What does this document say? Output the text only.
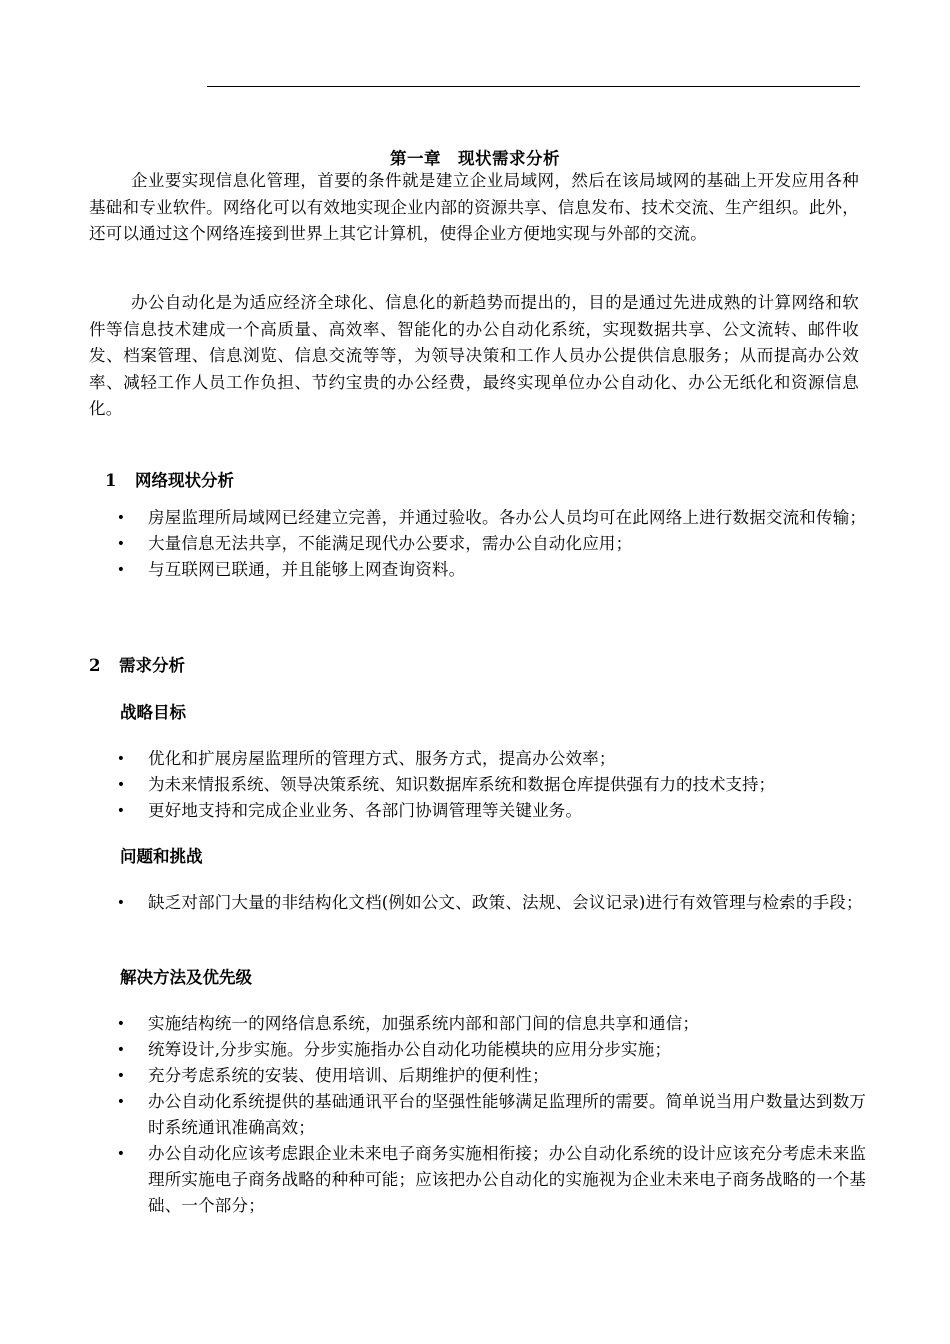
第一章　现状需求分析

企业要实现信息化管理，首要的条件就是建立企业局域网，然后在该局域网的基础上开发应用各种基础和专业软件。网络化可以有效地实现企业内部的资源共享、信息发布、技术交流、生产组织。此外，还可以通过这个网络连接到世界上其它计算机，使得企业方便地实现与外部的交流。

办公自动化是为适应经济全球化、信息化的新趋势而提出的，目的是通过先进成熟的计算网络和软件等信息技术建成一个高质量、高效率、智能化的办公自动化系统，实现数据共享、公文流转、邮件收发、档案管理、信息浏览、信息交流等等，为领导决策和工作人员办公提供信息服务；从而提高办公效率、减轻工作人员工作负担、节约宝贵的办公经费，最终实现单位办公自动化、办公无纸化和资源信息化。

1 网络现状分析
• 房屋监理所局域网已经建立完善，并通过验收。各办公人员均可在此网络上进行数据交流和传输；
• 大量信息无法共享，不能满足现代办公要求，需办公自动化应用；
• 与互联网已联通，并且能够上网查询资料。
2 需求分析
战略目标
• 优化和扩展房屋监理所的管理方式、服务方式，提高办公效率；
• 为未来情报系统、领导决策系统、知识数据库系统和数据仓库提供强有力的技术支持；
• 更好地支持和完成企业业务、各部门协调管理等关键业务。
问题和挑战
• 缺乏对部门大量的非结构化文档(例如公文、政策、法规、会议记录)进行有效管理与检索的手段；
解决方法及优先级
• 实施结构统一的网络信息系统，加强系统内部和部门间的信息共享和通信；
• 统筹设计,分步实施。分步实施指办公自动化功能模块的应用分步实施；
• 充分考虑系统的安装、使用培训、后期维护的便利性；
• 办公自动化系统提供的基础通讯平台的坚强性能够满足监理所的需要。简单说当用户数量达到数万时系统通讯准确高效；
• 办公自动化应该考虑跟企业未来电子商务实施相衔接；办公自动化系统的设计应该充分考虑未来监理所实施电子商务战略的种种可能；应该把办公自动化的实施视为企业未来电子商务战略的一个基础、一个部分；
